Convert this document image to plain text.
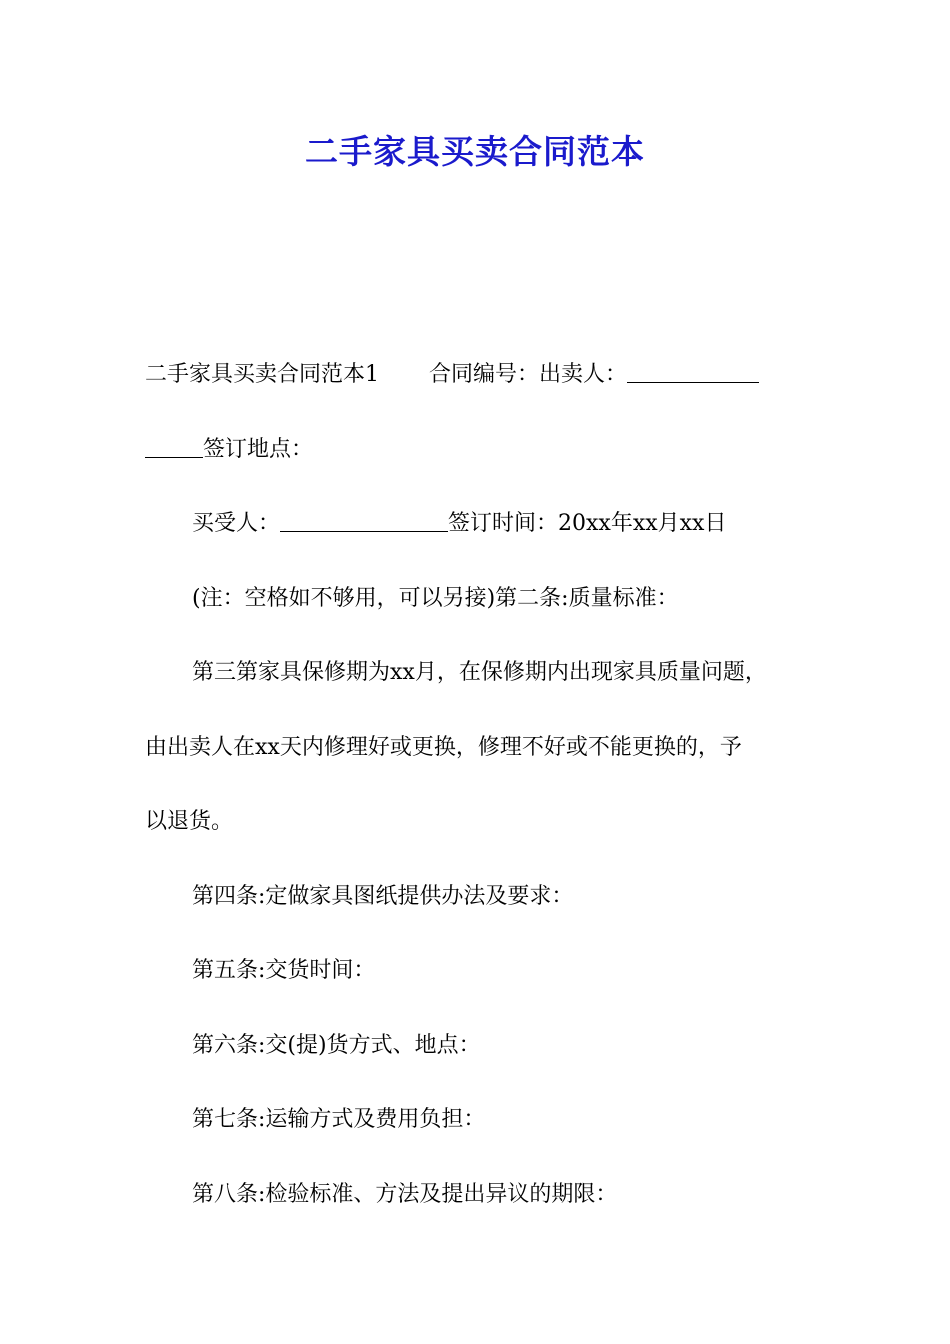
二手家具买卖合同范本
二手家具买卖合同范本1 合同编号：出卖人：
签订地点：
买受人：	签订时间：20xx年xx月xx日
(注：空格如不够用，可以另接)第二条:质量标准：
第三第家具保修期为xx月，在保修期内出现家具质量问题，
由出卖人在xx天内修理好或更换，修理不好或不能更换的，予
以退货。
第四条:定做家具图纸提供办法及要求：
第五条:交货时间：
第六条:交(提)货方式、地点：
第七条:运输方式及费用负担：
第八条:检验标准、方法及提出异议的期限：
